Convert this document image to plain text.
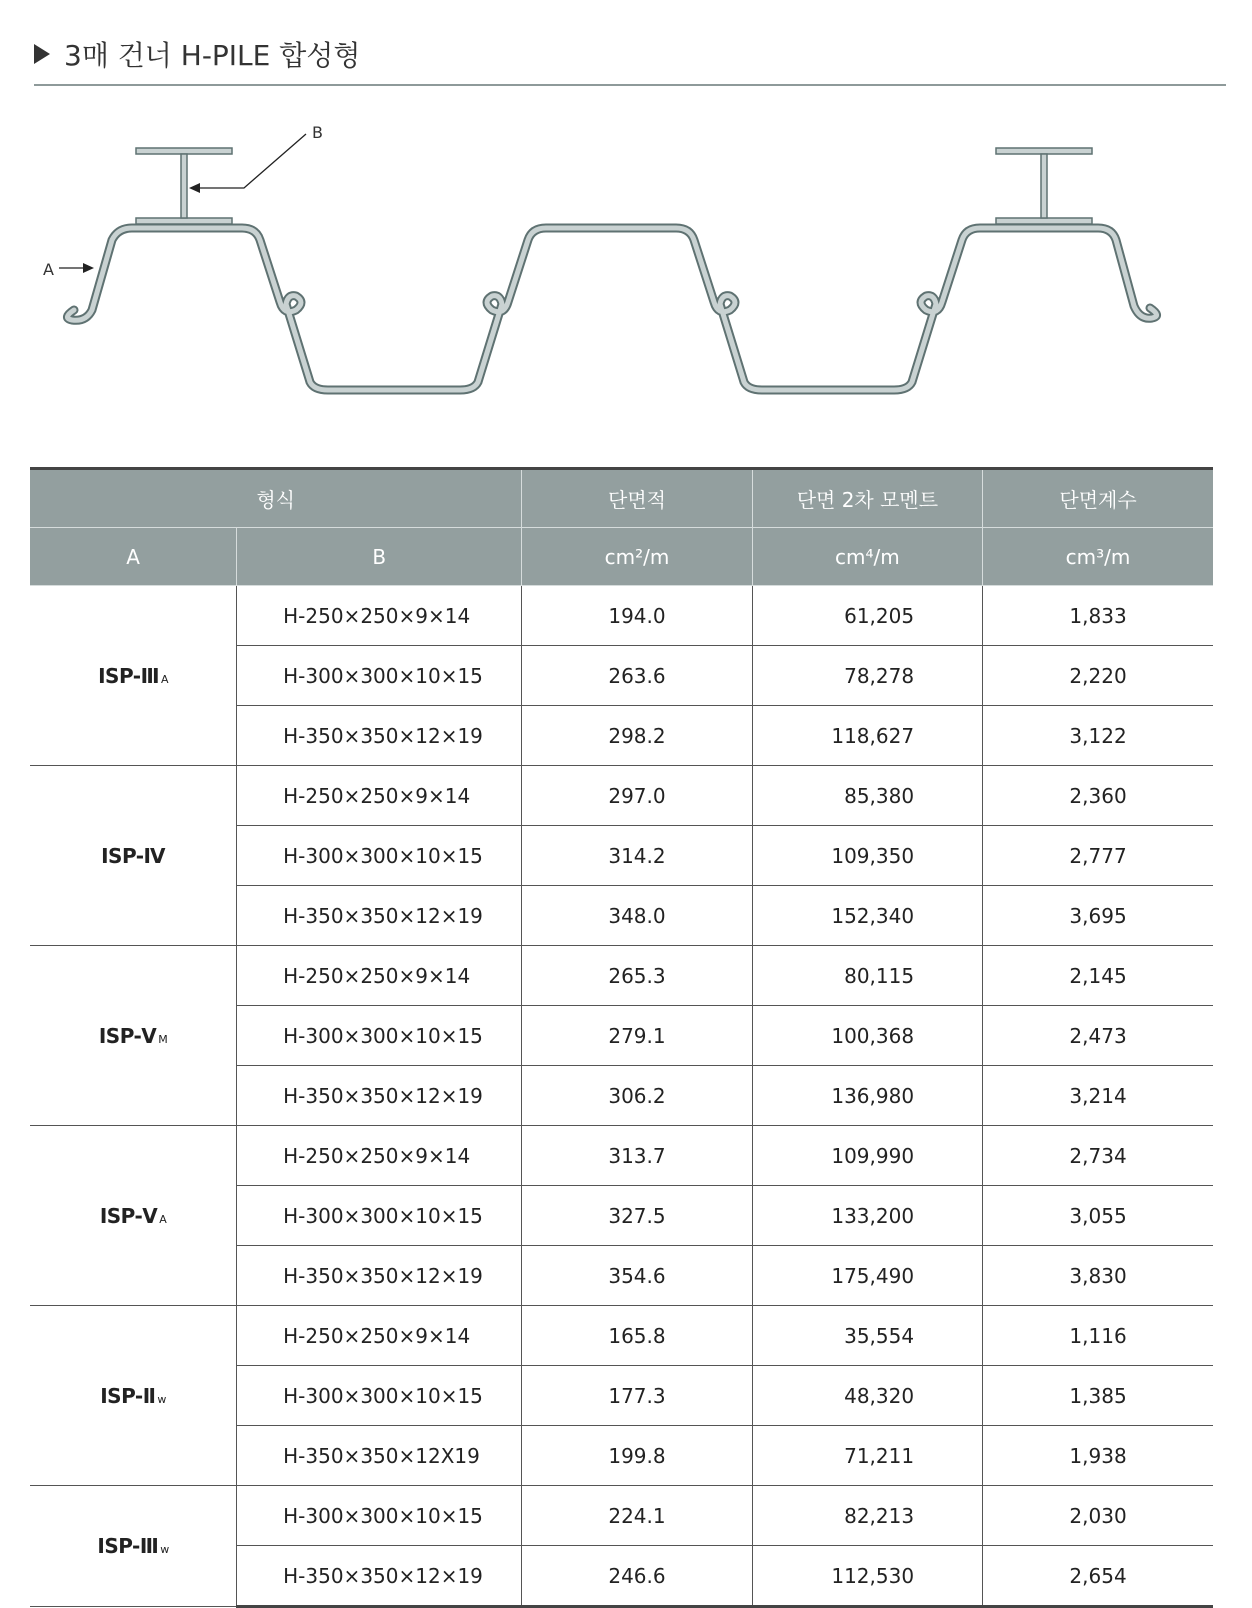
3매 건너 H-PILE 합성형
B
A
형식		단면적	단면 2차 모멘트	단면계수
A	B	cm²/m	cm⁴/m	cm³/m
ISP-Ⅲ A	H-250×250×9×14	194.0	61,205	1,833
	H-300×300×10×15	263.6	78,278	2,220
	H-350×350×12×19	298.2	118,627	3,122
ISP-Ⅳ	H-250×250×9×14	297.0	85,380	2,360
	H-300×300×10×15	314.2	109,350	2,777
	H-350×350×12×19	348.0	152,340	3,695
ISP-Ⅴ M	H-250×250×9×14	265.3	80,115	2,145
	H-300×300×10×15	279.1	100,368	2,473
	H-350×350×12×19	306.2	136,980	3,214
ISP-Ⅴ A	H-250×250×9×14	313.7	109,990	2,734
	H-300×300×10×15	327.5	133,200	3,055
	H-350×350×12×19	354.6	175,490	3,830
ISP-Ⅱ w	H-250×250×9×14	165.8	35,554	1,116
	H-300×300×10×15	177.3	48,320	1,385
	H-350×350×12X19	199.8	71,211	1,938
ISP-Ⅲ w	H-300×300×10×15	224.1	82,213	2,030
	H-350×350×12×19	246.6	112,530	2,654
